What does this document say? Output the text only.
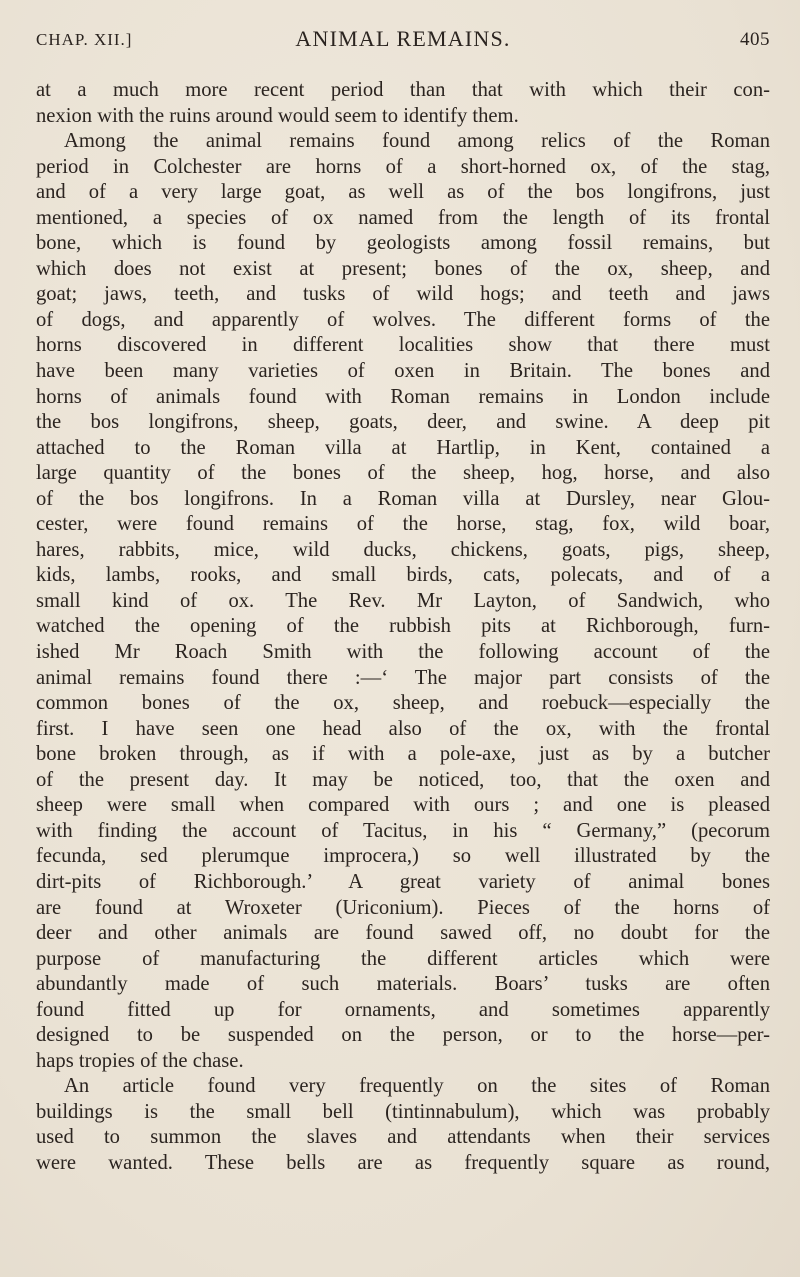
CHAP. XII.]	ANIMAL REMAINS.	405
at a much more recent period than that with which their con-
nexion with the ruins around would seem to identify them.
Among the animal remains found among relics of the Roman
period in Colchester are horns of a short-horned ox, of the stag,
and of a very large goat, as well as of the bos longifrons, just
mentioned, a species of ox named from the length of its frontal
bone, which is found by geologists among fossil remains, but
which does not exist at present; bones of the ox, sheep, and
goat; jaws, teeth, and tusks of wild hogs; and teeth and jaws
of dogs, and apparently of wolves. The different forms of the
horns discovered in different localities show that there must
have been many varieties of oxen in Britain. The bones and
horns of animals found with Roman remains in London include
the bos longifrons, sheep, goats, deer, and swine. A deep pit
attached to the Roman villa at Hartlip, in Kent, contained a
large quantity of the bones of the sheep, hog, horse, and also
of the bos longifrons. In a Roman villa at Dursley, near Glou-
cester, were found remains of the horse, stag, fox, wild boar,
hares, rabbits, mice, wild ducks, chickens, goats, pigs, sheep,
kids, lambs, rooks, and small birds, cats, polecats, and of a
small kind of ox. The Rev. Mr Layton, of Sandwich, who
watched the opening of the rubbish pits at Richborough, furn-
ished Mr Roach Smith with the following account of the
animal remains found there :—‘ The major part consists of the
common bones of the ox, sheep, and roebuck—especially the
first. I have seen one head also of the ox, with the frontal
bone broken through, as if with a pole-axe, just as by a butcher
of the present day. It may be noticed, too, that the oxen and
sheep were small when compared with ours ; and one is pleased
with finding the account of Tacitus, in his “ Germany,” (pecorum
fecunda, sed plerumque improcera,) so well illustrated by the
dirt-pits of Richborough.’ A great variety of animal bones
are found at Wroxeter (Uriconium). Pieces of the horns of
deer and other animals are found sawed off, no doubt for the
purpose of manufacturing the different articles which were
abundantly made of such materials. Boars’ tusks are often
found fitted up for ornaments, and sometimes apparently
designed to be suspended on the person, or to the horse—per-
haps tropies of the chase.
An article found very frequently on the sites of Roman
buildings is the small bell (tintinnabulum), which was probably
used to summon the slaves and attendants when their services
were wanted. These bells are as frequently square as round,
